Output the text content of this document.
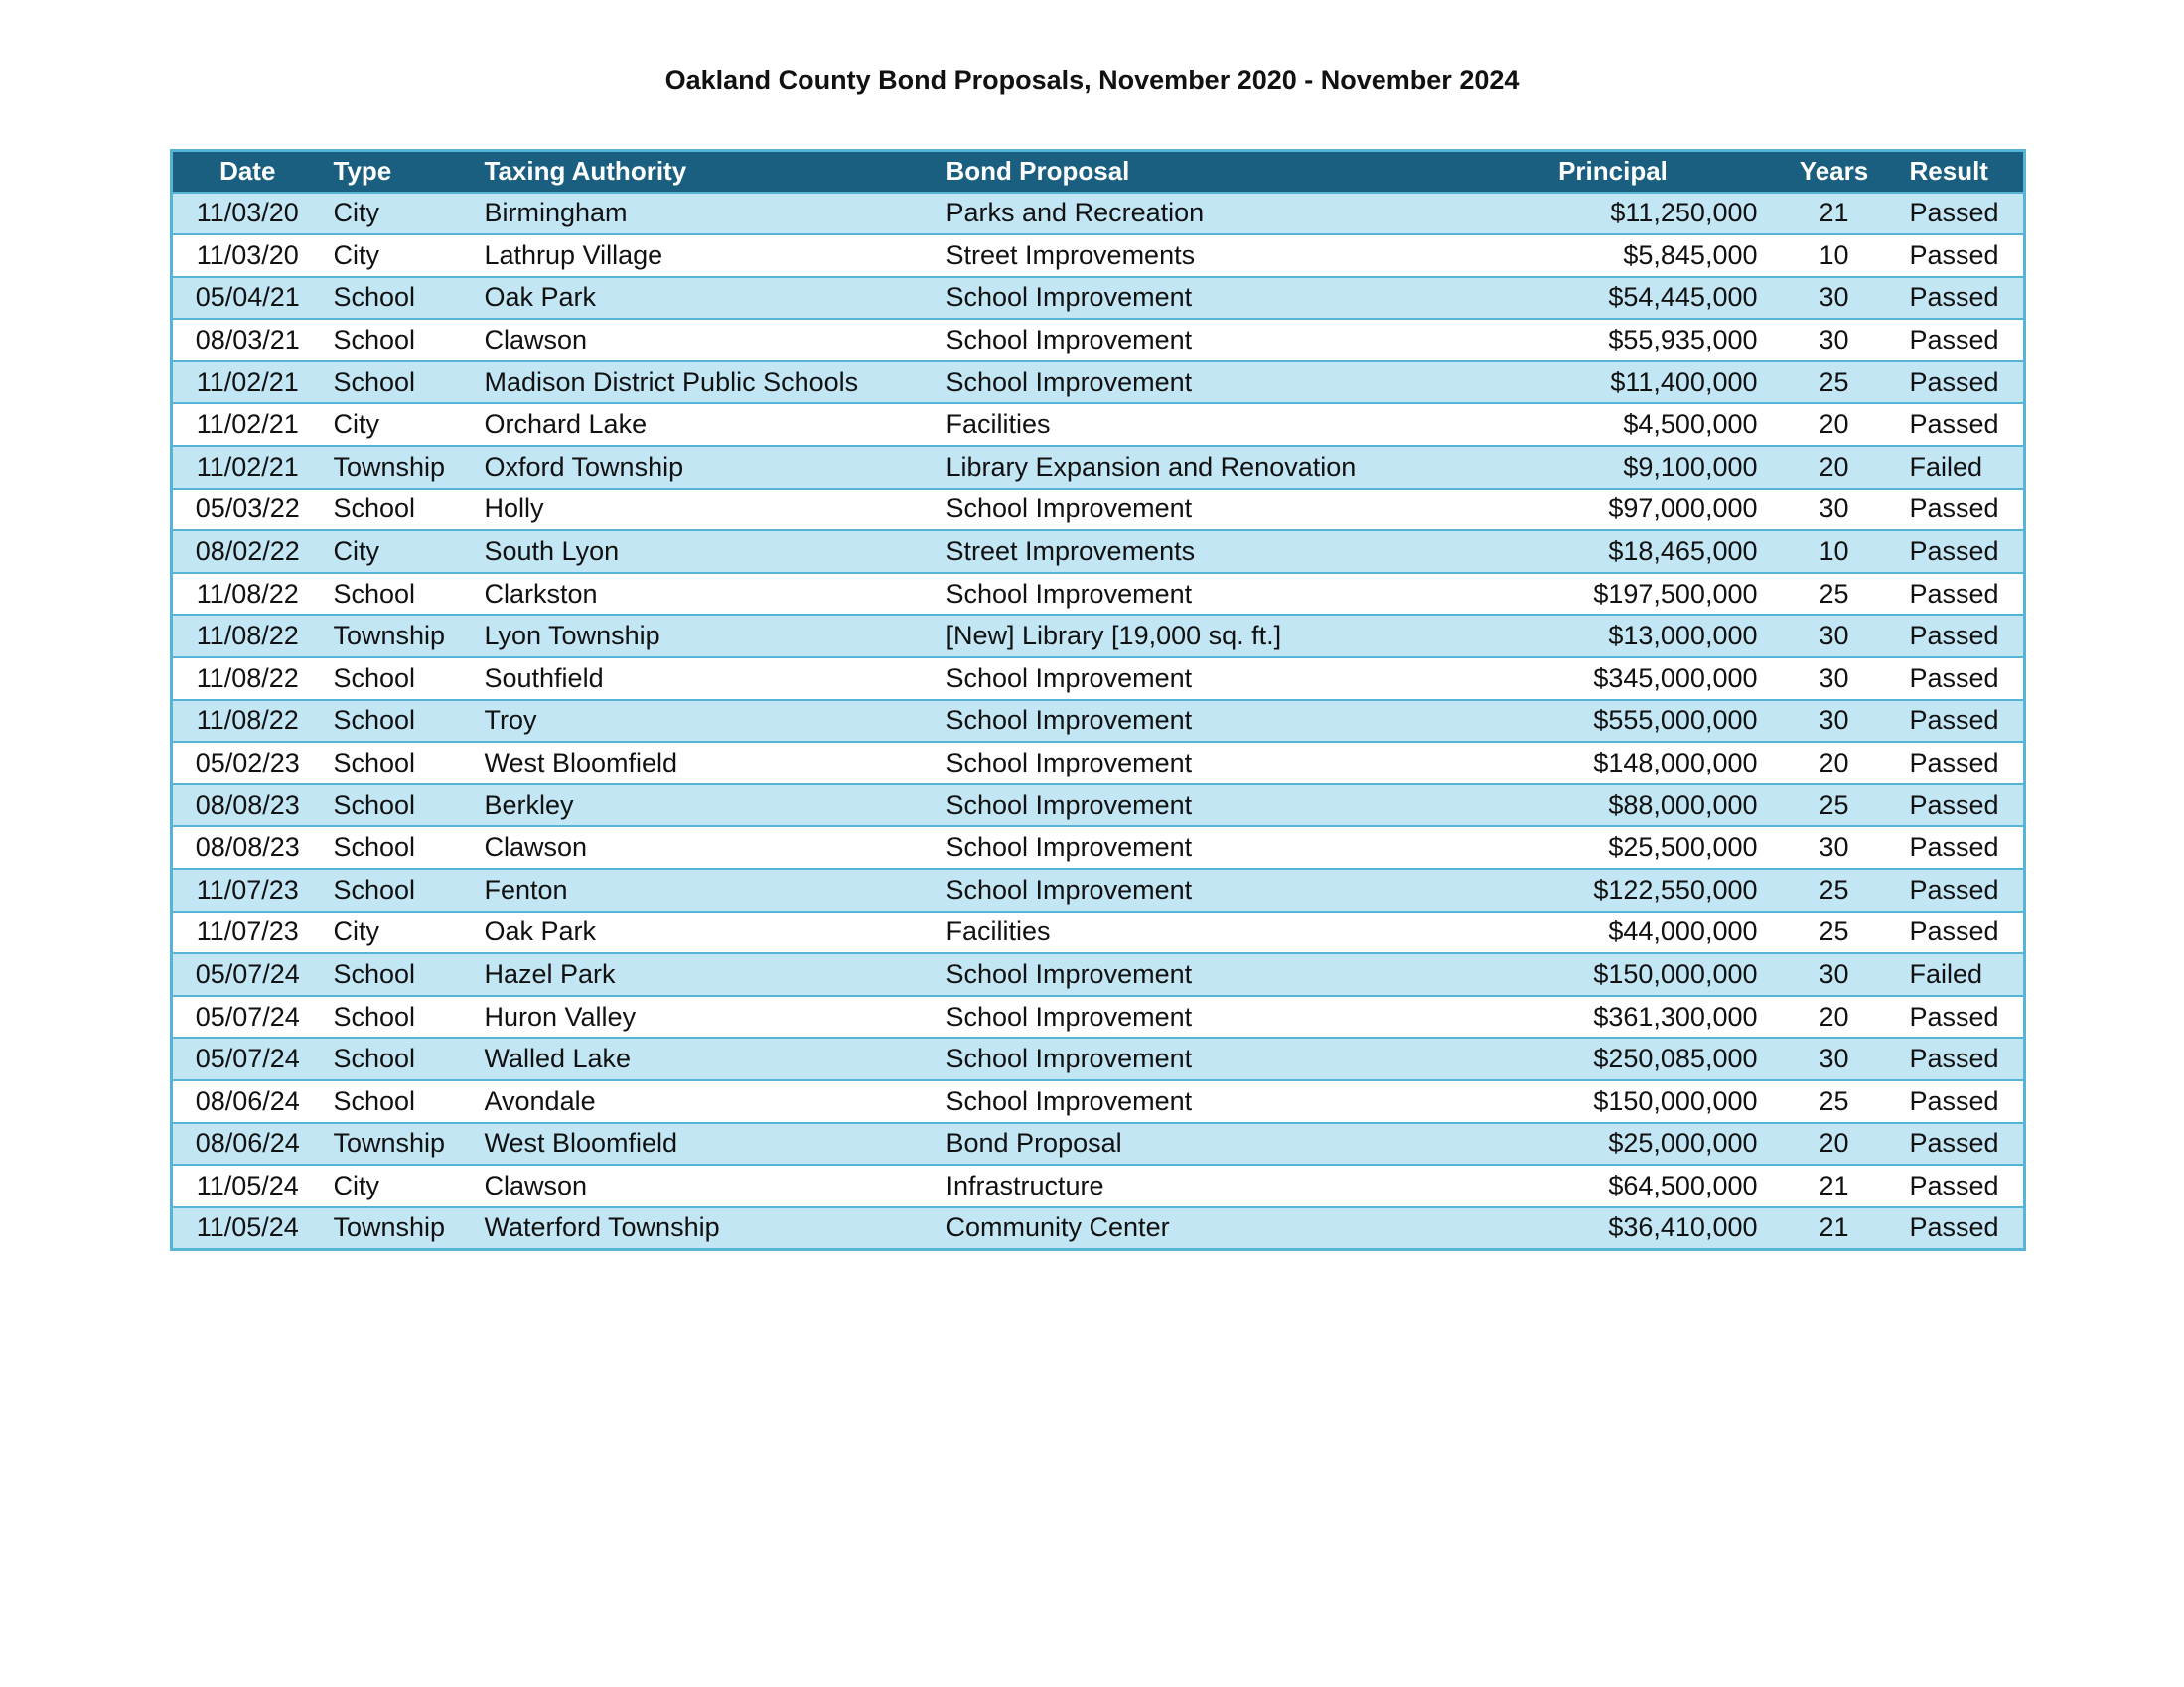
Oakland County Bond Proposals, November 2020 - November 2024
Date	Type	Taxing Authority	Bond Proposal	Principal	Years	Result
11/03/20	City	Birmingham	Parks and Recreation	$11,250,000	21	Passed
11/03/20	City	Lathrup Village	Street Improvements	$5,845,000	10	Passed
05/04/21	School	Oak Park	School Improvement	$54,445,000	30	Passed
08/03/21	School	Clawson	School Improvement	$55,935,000	30	Passed
11/02/21	School	Madison District Public Schools	School Improvement	$11,400,000	25	Passed
11/02/21	City	Orchard Lake	Facilities	$4,500,000	20	Passed
11/02/21	Township	Oxford Township	Library Expansion and Renovation	$9,100,000	20	Failed
05/03/22	School	Holly	School Improvement	$97,000,000	30	Passed
08/02/22	City	South Lyon	Street Improvements	$18,465,000	10	Passed
11/08/22	School	Clarkston	School Improvement	$197,500,000	25	Passed
11/08/22	Township	Lyon Township	[New] Library [19,000 sq. ft.]	$13,000,000	30	Passed
11/08/22	School	Southfield	School Improvement	$345,000,000	30	Passed
11/08/22	School	Troy	School Improvement	$555,000,000	30	Passed
05/02/23	School	West Bloomfield	School Improvement	$148,000,000	20	Passed
08/08/23	School	Berkley	School Improvement	$88,000,000	25	Passed
08/08/23	School	Clawson	School Improvement	$25,500,000	30	Passed
11/07/23	School	Fenton	School Improvement	$122,550,000	25	Passed
11/07/23	City	Oak Park	Facilities	$44,000,000	25	Passed
05/07/24	School	Hazel Park	School Improvement	$150,000,000	30	Failed
05/07/24	School	Huron Valley	School Improvement	$361,300,000	20	Passed
05/07/24	School	Walled Lake	School Improvement	$250,085,000	30	Passed
08/06/24	School	Avondale	School Improvement	$150,000,000	25	Passed
08/06/24	Township	West Bloomfield	Bond Proposal	$25,000,000	20	Passed
11/05/24	City	Clawson	Infrastructure	$64,500,000	21	Passed
11/05/24	Township	Waterford Township	Community Center	$36,410,000	21	Passed
